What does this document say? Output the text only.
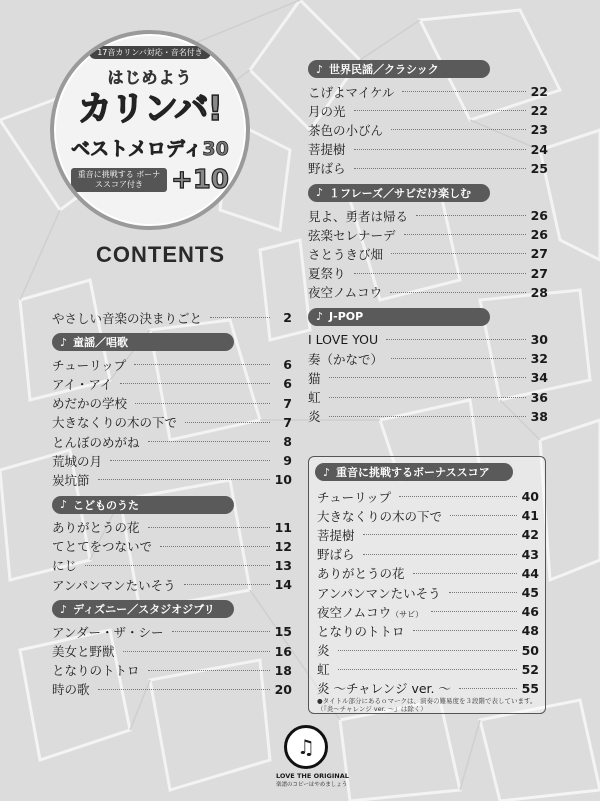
17音カリンバ対応・音名付き
はじめよう
カリンバ!
ベストメロディ30
重音に挑戦する ボーナススコア付き	+10
CONTENTS
やさしい音楽の決まりごと	2
♪ 童謡／唱歌
チューリップ	6
アイ・アイ	6
めだかの学校	7
大きなくりの木の下で	7
とんぼのめがね	8
荒城の月	9
炭坑節	10
♪ こどものうた
ありがとうの花	11
てとてをつないで	12
にじ	13
アンパンマンたいそう	14
♪ ディズニー／スタジオジブリ
アンダー・ザ・シー	15
美女と野獣	16
となりのトトロ	18
時の歌	20
♪ 世界民謡／クラシック
こげよマイケル	22
月の光	22
茶色の小びん	23
菩提樹	24
野ばら	25
♪ １フレーズ／サビだけ楽しむ
見よ、勇者は帰る	26
弦楽セレナーデ	26
さとうきび畑	27
夏祭り	27
夜空ノムコウ	28
♪ J-POP
I LOVE YOU	30
奏（かなで）	32
猫	34
虹	36
炎	38
♪ 重音に挑戦するボーナススコア
チューリップ	40
大きなくりの木の下で	41
菩提樹	42
野ばら	43
ありがとうの花	44
アンパンマンたいそう	45
夜空ノムコウ（サビ）	46
となりのトトロ	48
炎	50
虹	52
炎 〜チャレンジ ver. 〜	55
●タイトル部分にあるｏマークは、演奏の難易度を３段階で表しています。
（『炎〜チャレンジ ver. 〜』は除く）
♫
LOVE THE ORIGINAL
楽譜のコピーはやめましょう
